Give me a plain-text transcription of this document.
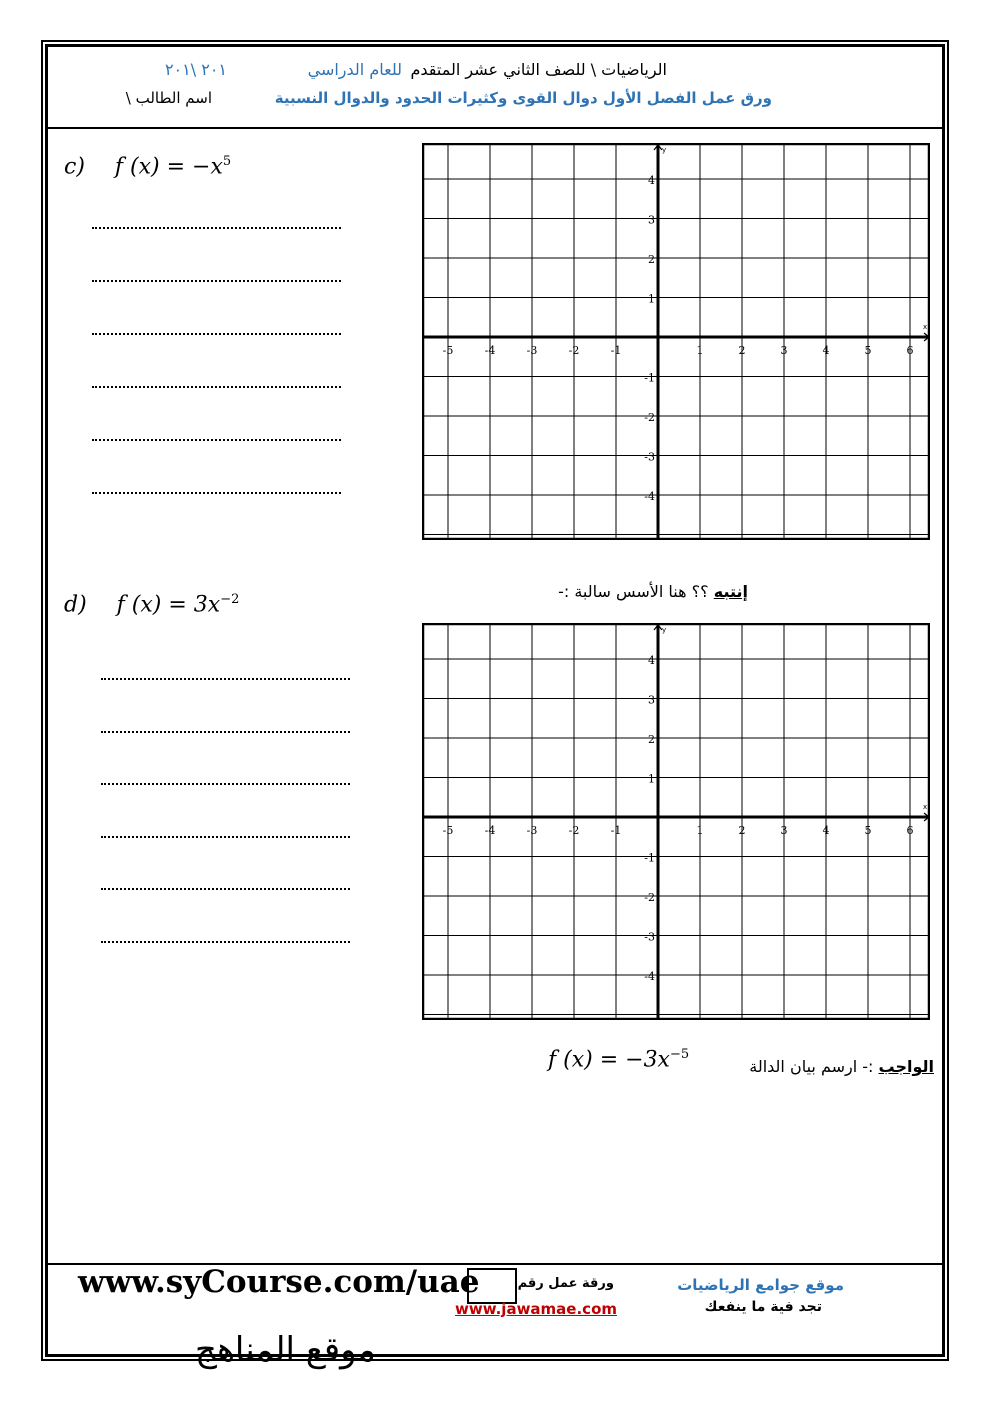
الرياضيات \ للصف الثاني عشر المتقدم
للعام الدراسي
٢٠١ \٢٠١
ورق عمل الفصل الأول دوال القوى وكثيرات الحدود والدوال النسبية
اسم الطالب \
c) f $(x) = -x^5$
x
y
-5	-4	-3	-2	-1	1	2	3	4	5	6
4
3
2
1
-1
-2
-3
-4
إنتبه ؟؟ هنا الأسس سالبة :-
d) f $(x) = 3x^{-2}$
x
y
-5	-4	-3	-2	-1	1	2	3	4	5	6
4
3
2
1
-1
-2
-3
-4
f $(x) = -3x^{-5}$
الواجب :- ارسم بيان الدالة
موقع جوامع الرياضيات
تجد فية ما ينفعك
ورقة عمل رقم
www.jawamae.com
www.syCourse.com/uae
موقع المناهج
